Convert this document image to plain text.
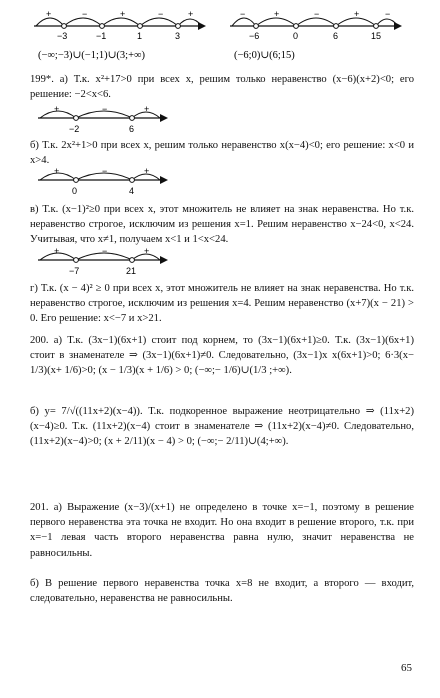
+	−	+	−	+
−3	−1	1	3
(−∞;−3)∪(−1;1)∪(3;+∞)
−	+	−	+	−
−6	0	6	15
(−6;0)∪(6;15)
199*. а) Т.к. x²+17>0 при всех x, решим только неравенство (x−6)(x+2)<0; его решение: −2<x<6.
+	−	+
−2	6
б) Т.к. 2x²+1>0 при всех x, решим только неравенство x(x−4)<0; его решение: x<0 и x>4.
+	−	+
0	4
в) Т.к. (x−1)²≥0 при всех x, этот множитель не влияет на знак неравенства. Но т.к. неравенство строгое, исключим из решения x=1. Решим неравенство x−24<0, x<24. Учитывая, что x≠1, получаем x<1 и 1<x<24.
+	−	+
−7	21
г) Т.к. (x − 4)² ≥ 0 при всех x, этот множитель не влияет на знак неравенства. Но т.к. неравенство строгое, исключим из решения x=4. Решим неравенство (x+7)(x − 21) > 0. Его решение: x<−7 и x>21.
200. а) Т.к. (3x−1)(6x+1) стоит под корнем, то (3x−1)(6x+1)≥0. Т.к. (3x−1)(6x+1) стоит в знаменателе ⇒ (3x−1)(6x+1)≠0. Следовательно, (3x−1)x x(6x+1)>0; 6·3(x− 1/3)(x+ 1/6)>0; (x − 1/3)(x + 1/6) > 0; (−∞;− 1/6)∪(1/3 ;+∞).
б) y= 7/√((11x+2)(x−4)). Т.к. подкоренное выражение неотрицательно ⇒ (11x+2)(x−4)≥0. Т.к. (11x+2)(x−4) стоит в знаменателе ⇒ (11x+2)(x−4)≠0. Следовательно, (11x+2)(x−4)>0; (x + 2/11)(x − 4) > 0; (−∞;− 2/11)∪(4;+∞).
201. а) Выражение (x−3)/(x+1) не определено в точке x=−1, поэтому в решение первого неравенства эта точка не входит. Но она входит в решение второго, т.к. при x=−1 левая часть второго неравенства равна нулю, значит неравенства не равносильны.
б) В решение первого неравенства точка x=8 не входит, а второго — входит, следовательно, неравенства не равносильны.
65
